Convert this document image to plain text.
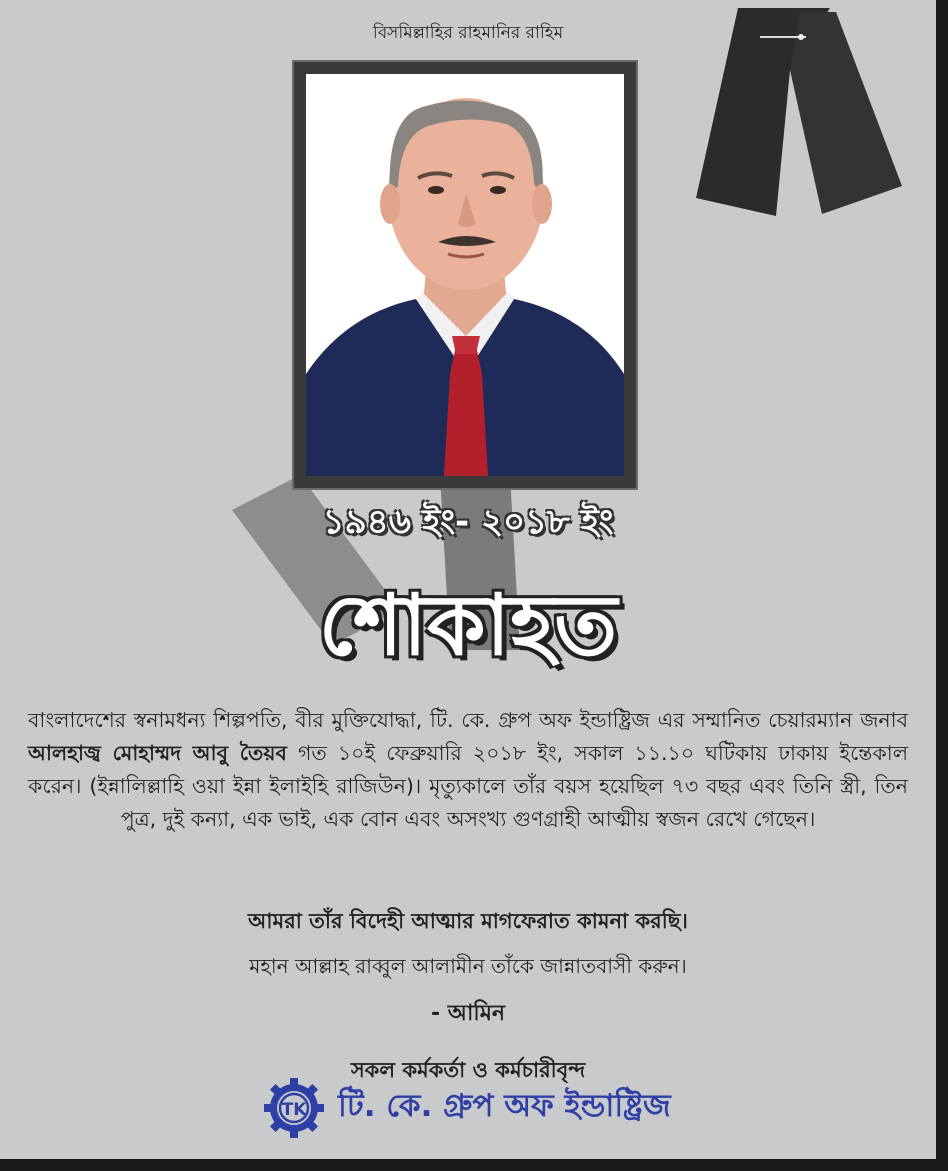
বিসমিল্লাহির রাহমানির রাহিম
১৯৪৬ ইং- ২০১৮ ইং
শোকাহত
বাংলাদেশের স্বনামধন্য শিল্পপতি, বীর মুক্তিযোদ্ধা, টি. কে. গ্রুপ অফ ইন্ডাষ্ট্রিজ এর সম্মানিত চেয়ারম্যান জনাব আলহাজ্ব মোহাম্মদ আবু তৈয়ব গত ১০ই ফেব্রুয়ারি ২০১৮ ইং, সকাল ১১.১০ ঘটিকায় ঢাকায় ইন্তেকাল করেন। (ইন্নালিল্লাহি ওয়া ইন্না ইলাইহি রাজিউন)। মৃত্যুকালে তাঁর বয়স হয়েছিল ৭৩ বছর এবং তিনি স্ত্রী, তিন পুত্র, দুই কন্যা, এক ভাই, এক বোন এবং অসংখ্য গুণগ্রাহী আত্মীয় স্বজন রেখে গেছেন।
আমরা তাঁর বিদেহী আত্মার মাগফেরাত কামনা করছি।
মহান আল্লাহ রাব্বুল আলামীন তাঁকে জান্নাতবাসী করুন।
- আমিন
সকল কর্মকর্তা ও কর্মচারীবৃন্দ
TK টি. কে. গ্রুপ অফ ইন্ডাষ্ট্রিজ
